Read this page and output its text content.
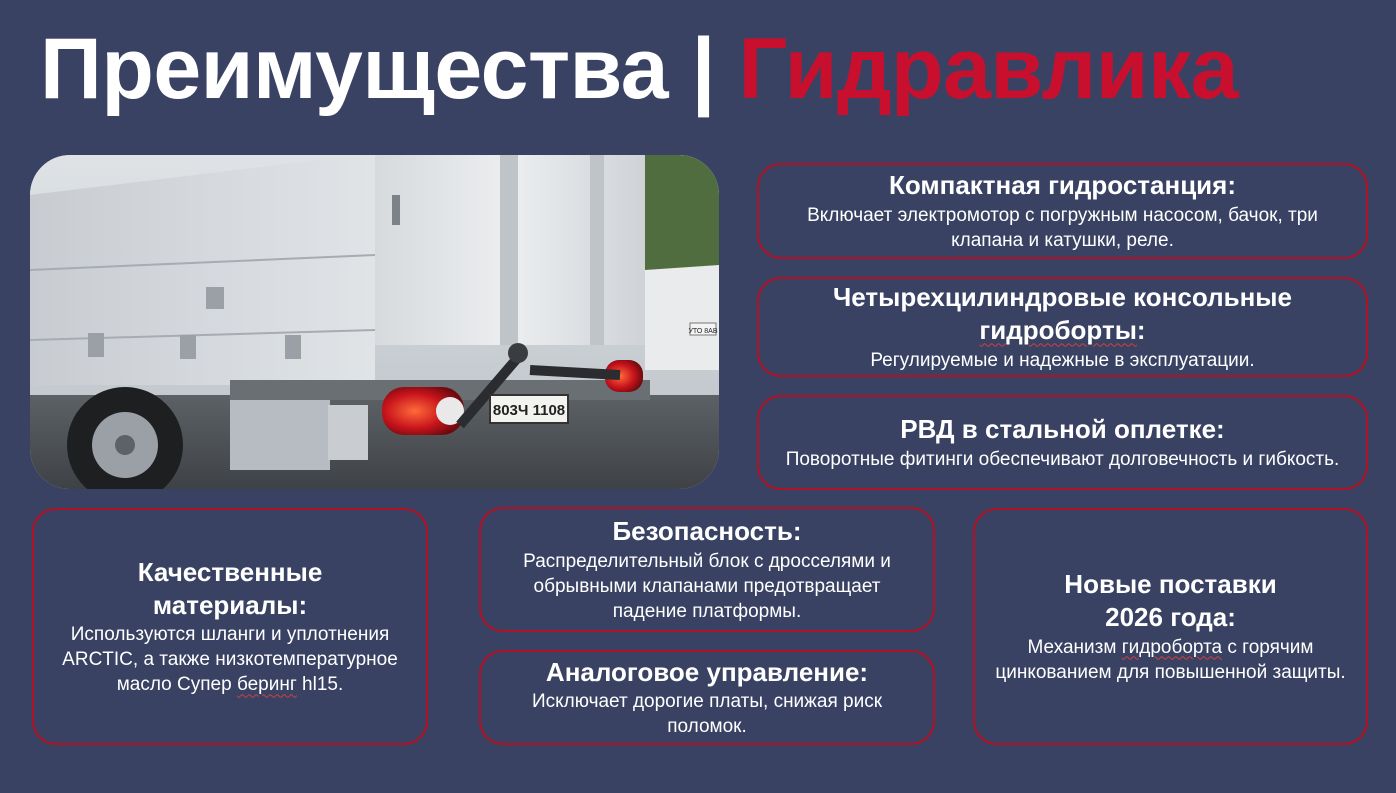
Преимущества | Гидравлика
803Ч 1108
УТО 8АВ
Компактная гидростанция:

Включает электромотор с погружным насосом, бачок, три клапана и катушки, реле.

Четырехцилиндровые консольные
гидроборты:

Регулируемые и надежные в эксплуатации.

РВД в стальной оплетке:

Поворотные фитинги обеспечивают долговечность и гибкость.

Качественные материалы:

Используются шланги и уплотнения ARCTIC, а также низкотемпературное масло Супер беринг hl15.

Безопасность:

Распределительный блок с дросселями и обрывными клапанами предотвращает падение платформы.

Аналоговое управление:

Исключает дорогие платы, снижая риск поломок.

Новые поставки 2026 года:

Механизм гидроборта с горячим цинкованием для повышенной защиты.
